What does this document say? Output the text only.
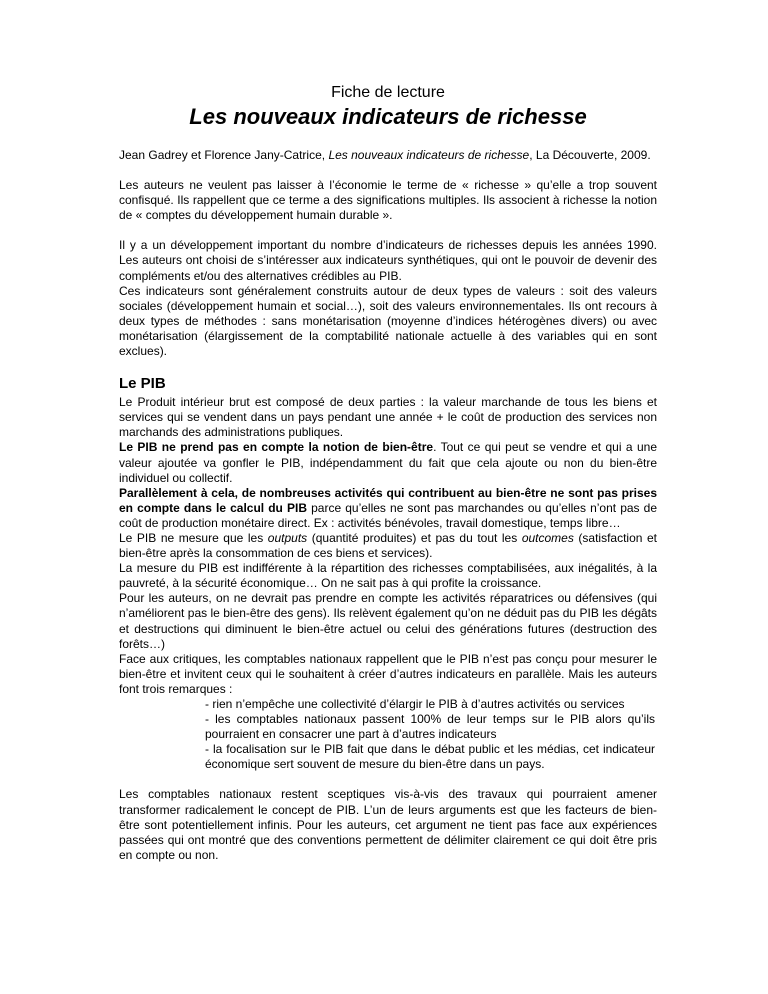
Fiche de lecture

Les nouveaux indicateurs de richesse

Jean Gadrey et Florence Jany-Catrice, Les nouveaux indicateurs de richesse, La Découverte, 2009.

Les auteurs ne veulent pas laisser à l’économie le terme de « richesse » qu’elle a trop souvent confisqué. Ils rappellent que ce terme a des significations multiples. Ils associent à richesse la notion de « comptes du développement humain durable ».

Il y a un développement important du nombre d’indicateurs de richesses depuis les années 1990. Les auteurs ont choisi de s’intéresser aux indicateurs synthétiques, qui ont le pouvoir de devenir des compléments et/ou des alternatives crédibles au PIB.

Ces indicateurs sont généralement construits autour de deux types de valeurs : soit des valeurs sociales (développement humain et social…), soit des valeurs environnementales. Ils ont recours à deux types de méthodes : sans monétarisation (moyenne d’indices hétérogènes divers) ou avec monétarisation (élargissement de la comptabilité nationale actuelle à des variables qui en sont exclues).

Le PIB

Le Produit intérieur brut est composé de deux parties : la valeur marchande de tous les biens et services qui se vendent dans un pays pendant une année + le coût de production des services non marchands des administrations publiques.

Le PIB ne prend pas en compte la notion de bien-être. Tout ce qui peut se vendre et qui a une valeur ajoutée va gonfler le PIB, indépendamment du fait que cela ajoute ou non du bien-être individuel ou collectif.

Parallèlement à cela, de nombreuses activités qui contribuent au bien-être ne sont pas prises en compte dans le calcul du PIB parce qu’elles ne sont pas marchandes ou qu’elles n’ont pas de coût de production monétaire direct. Ex : activités bénévoles, travail domestique, temps libre…

Le PIB ne mesure que les outputs (quantité produites) et pas du tout les outcomes (satisfaction et bien-être après la consommation de ces biens et services).

La mesure du PIB est indifférente à la répartition des richesses comptabilisées, aux inégalités, à la pauvreté, à la sécurité économique… On ne sait pas à qui profite la croissance.

Pour les auteurs, on ne devrait pas prendre en compte les activités réparatrices ou défensives (qui n’améliorent pas le bien-être des gens). Ils relèvent également qu’on ne déduit pas du PIB les dégâts et destructions qui diminuent le bien-être actuel ou celui des générations futures (destruction des forêts…)

Face aux critiques, les comptables nationaux rappellent que le PIB n’est pas conçu pour mesurer le bien-être et invitent ceux qui le souhaitent à créer d’autres indicateurs en parallèle. Mais les auteurs font trois remarques :

- rien n’empêche une collectivité d’élargir le PIB à d’autres activités ou services
- les comptables nationaux passent 100% de leur temps sur le PIB alors qu’ils pourraient en consacrer une part à d’autres indicateurs
- la focalisation sur le PIB fait que dans le débat public et les médias, cet indicateur économique sert souvent de mesure du bien-être dans un pays.

Les comptables nationaux restent sceptiques vis-à-vis des travaux qui pourraient amener transformer radicalement le concept de PIB. L’un de leurs arguments est que les facteurs de bien-être sont potentiellement infinis. Pour les auteurs, cet argument ne tient pas face aux expériences passées qui ont montré que des conventions permettent de délimiter clairement ce qui doit être pris en compte ou non.
